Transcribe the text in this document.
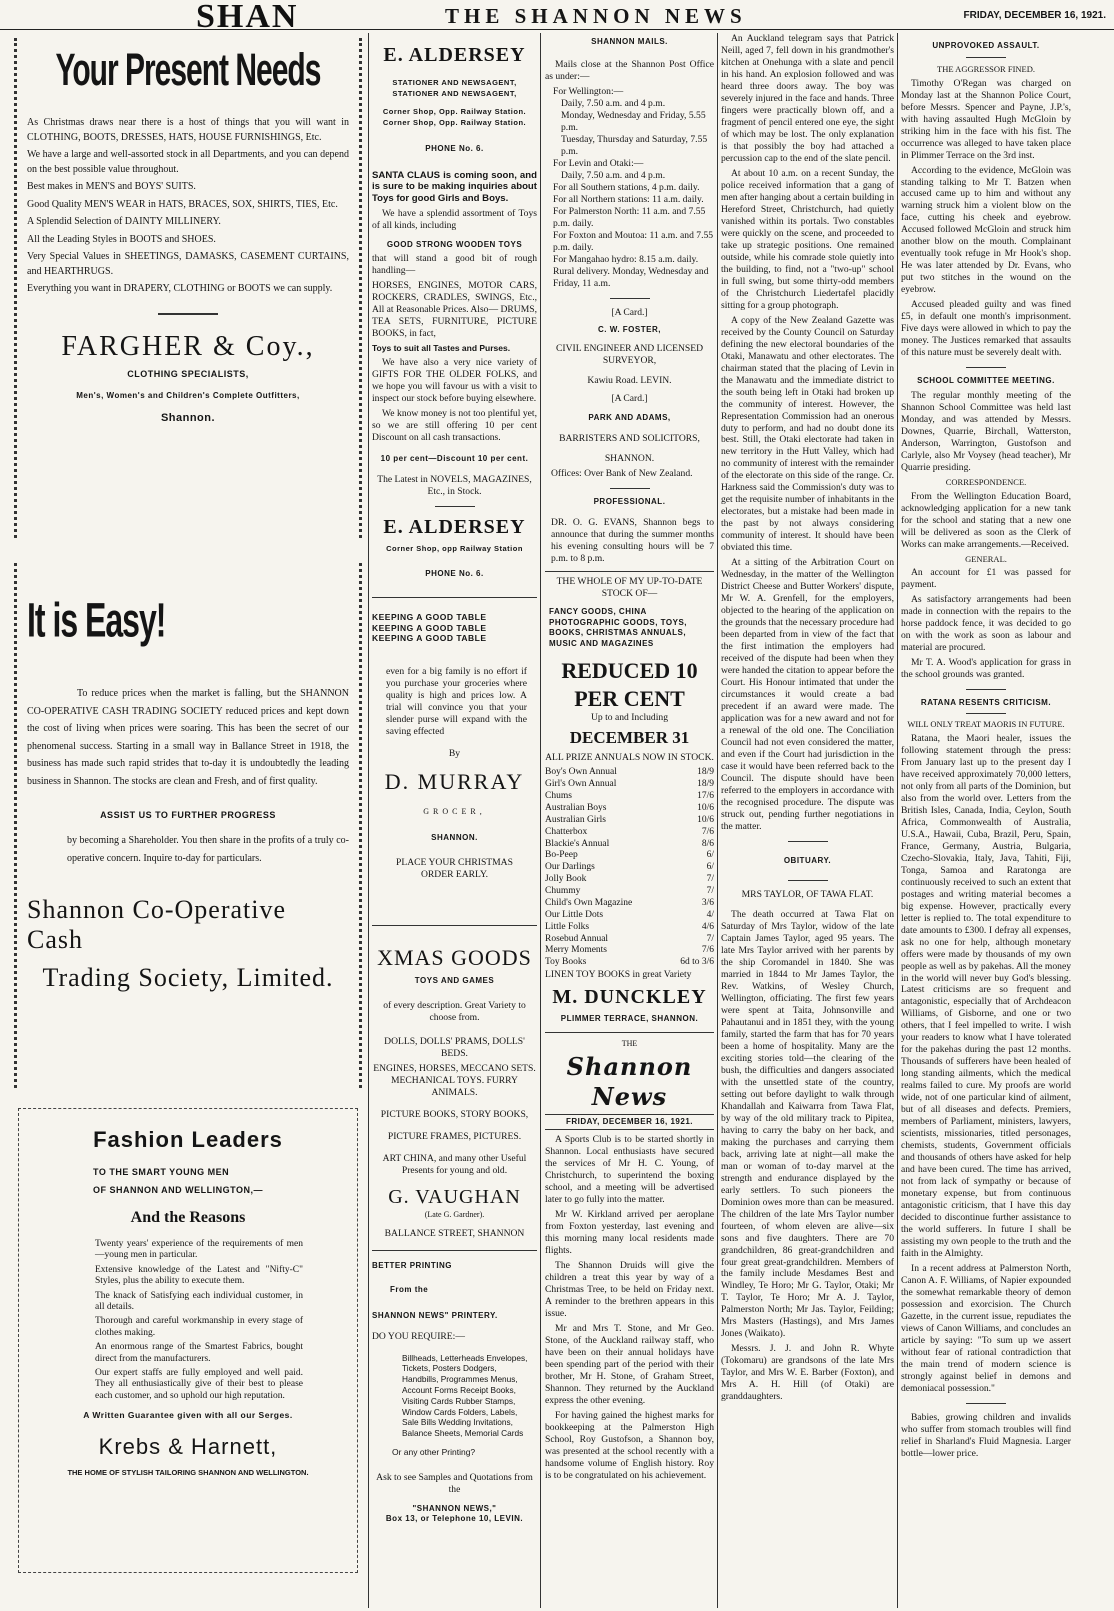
SHAN	THE SHANNON NEWS	FRIDAY, DECEMBER 16, 1921.
Your Present Needs

As Christmas draws near there is a host of things that you will want in CLOTHING, BOOTS, DRESSES, HATS, HOUSE FURNISHINGS, Etc.

We have a large and well-assorted stock in all Departments, and you can depend on the best possible value throughout.

Best makes in MEN'S and BOYS' SUITS.

Good Quality MEN'S WEAR in HATS, BRACES, SOX, SHIRTS, TIES, Etc.

A Splendid Selection of DAINTY MILLINERY.

All the Leading Styles in BOOTS and SHOES.

Very Special Values in SHEETINGS, DAMASKS, CASEMENT CURTAINS, and HEARTHRUGS.

Everything you want in DRAPERY, CLOTHING or BOOTS we can supply.

FARGHER & Coy.,
CLOTHING SPECIALISTS,
Men's, Women's and Children's Complete Outfitters,
Shannon.
It is Easy!

To reduce prices when the market is falling, but the SHANNON CO-OPERATIVE CASH TRADING SOCIETY reduced prices and kept down the cost of living when prices were soaring. This has been the secret of our phenomenal success. Starting in a small way in Ballance Street in 1918, the business has made such rapid strides that to-day it is undoubtedly the leading business in Shannon. The stocks are clean and Fresh, and of first quality.

ASSIST US TO FURTHER PROGRESS

by becoming a Shareholder. You then share in the profits of a truly co-operative concern. Inquire to-day for particulars.

Shannon Co-Operative Cash
Trading Society, Limited.
Fashion Leaders
TO THE SMART YOUNG MEN
OF SHANNON AND WELLINGTON,—
And the Reasons

Twenty years' experience of the requirements of men—young men in particular.

Extensive knowledge of the Latest and "Nifty-C" Styles, plus the ability to execute them.

The knack of Satisfying each individual customer, in all details.

Thorough and careful workmanship in every stage of clothes making.

An enormous range of the Smartest Fabrics, bought direct from the manufacturers.

Our expert staffs are fully employed and well paid. They all enthusiastically give of their best to please each customer, and so uphold our high reputation.

A Written Guarantee given with all our Serges.
Krebs & Harnett,
THE HOME OF STYLISH TAILORING SHANNON AND WELLINGTON.
E. ALDERSEY
STATIONER AND NEWSAGENT,
STATIONER AND NEWSAGENT,
Corner Shop, Opp. Railway Station.
Corner Shop, Opp. Railway Station.
PHONE No. 6.

SANTA CLAUS is coming soon, and is sure to be making inquiries about Toys for good Girls and Boys.

We have a splendid assortment of Toys of all kinds, including

GOOD STRONG WOODEN TOYS

that will stand a good bit of rough handling—

HORSES, ENGINES, MOTOR CARS, ROCKERS, CRADLES, SWINGS, Etc., All at Reasonable Prices. Also— DRUMS, TEA SETS, FURNITURE, PICTURE BOOKS, in fact,

Toys to suit all Tastes and Purses.

We have also a very nice variety of GIFTS FOR THE OLDER FOLKS, and we hope you will favour us with a visit to inspect our stock before buying elsewhere.

We know money is not too plentiful yet, so we are still offering 10 per cent Discount on all cash transactions.

10 per cent—Discount 10 per cent.

The Latest in NOVELS, MAGAZINES, Etc., in Stock.

E. ALDERSEY
Corner Shop, opp Railway Station
PHONE No. 6.
KEEPING A GOOD TABLE
KEEPING A GOOD TABLE
KEEPING A GOOD TABLE

even for a big family is no effort if you purchase your groceries where quality is high and prices low. A trial will convince you that your slender purse will expand with the saving effected

By

D. MURRAY
GROCER,
SHANNON.

PLACE YOUR CHRISTMAS ORDER EARLY.

XMAS GOODS
TOYS AND GAMES

of every description. Great Variety to choose from.

DOLLS, DOLLS' PRAMS, DOLLS' BEDS.

ENGINES, HORSES, MECCANO SETS. MECHANICAL TOYS. FURRY ANIMALS.

PICTURE BOOKS, STORY BOOKS,

PICTURE FRAMES, PICTURES.

ART CHINA, and many other Useful Presents for young and old.

G. VAUGHAN

(Late G. Gardner).

BALLANCE STREET, SHANNON

BETTER PRINTING
From the
SHANNON NEWS" PRINTERY.

DO YOU REQUIRE:—

Billheads, Letterheads Envelopes, Tickets, Posters Dodgers, Handbills, Programmes Menus, Account Forms Receipt Books, Visiting Cards Rubber Stamps, Window Cards Folders, Labels, Sale Bills Wedding Invitations, Balance Sheets, Memorial Cards

Or any other Printing?

Ask to see Samples and Quotations from the

"SHANNON NEWS,"
Box 13, or Telephone 10, LEVIN.
SHANNON MAILS.

Mails close at the Shannon Post Office as under:—

For Wellington:—

Daily, 7.50 a.m. and 4 p.m.

Monday, Wednesday and Friday, 5.55 p.m.

Tuesday, Thursday and Saturday, 7.55 p.m.

For Levin and Otaki:—

Daily, 7.50 a.m. and 4 p.m.

For all Southern stations, 4 p.m. daily.

For all Northern stations: 11 a.m. daily.

For Palmerston North: 11 a.m. and 7.55 p.m. daily.

For Foxton and Moutoa: 11 a.m. and 7.55 p.m. daily.

For Mangahao hydro: 8.15 a.m. daily.

Rural delivery. Monday, Wednesday and Friday, 11 a.m.

[A Card.]

C. W. FOSTER,

CIVIL ENGINEER AND LICENSED SURVEYOR,

Kawiu Road. LEVIN.

[A Card.]

PARK AND ADAMS,

BARRISTERS AND SOLICITORS,

SHANNON.

Offices: Over Bank of New Zealand.

PROFESSIONAL.

DR. O. G. EVANS, Shannon begs to announce that during the summer months his evening consulting hours will be 7 p.m. to 8 p.m.

THE WHOLE OF MY UP-TO-DATE STOCK OF—

FANCY GOODS, CHINA PHOTOGRAPHIC GOODS, TOYS, BOOKS, CHRISTMAS ANNUALS, MUSIC AND MAGAZINES
REDUCED 10 PER CENT

Up to and Including

DECEMBER 31

ALL PRIZE ANNUALS NOW IN STOCK.

Boy's Own Annual	18/9
Girl's Own Annual	18/9
Chums	17/6
Australian Boys	10/6
Australian Girls	10/6
Chatterbox	7/6
Blackie's Annual	8/6
Bo-Peep	6/
Our Darlings	6/
Jolly Book	7/
Chummy	7/
Child's Own Magazine	3/6
Our Little Dots	4/
Little Folks	4/6
Rosebud Annual	7/
Merry Moments	7/6
Toy Books	6d to 3/6

LINEN TOY BOOKS in great Variety

M. DUNCKLEY
PLIMMER TERRACE, SHANNON.

THE

Shannon News
FRIDAY, DECEMBER 16, 1921.

A Sports Club is to be started shortly in Shannon. Local enthusiasts have secured the services of Mr H. C. Young, of Christchurch, to superintend the boxing school, and a meeting will be advertised later to go fully into the matter.

Mr W. Kirkland arrived per aeroplane from Foxton yesterday, last evening and this morning many local residents made flights.

The Shannon Druids will give the children a treat this year by way of a Christmas Tree, to be held on Friday next. A reminder to the brethren appears in this issue.

Mr and Mrs T. Stone, and Mr Geo. Stone, of the Auckland railway staff, who have been on their annual holidays have been spending part of the period with their brother, Mr H. Stone, of Graham Street, Shannon. They returned by the Auckland express the other evening.

For having gained the highest marks for bookkeeping at the Palmerston High School, Roy Gustofson, a Shannon boy, was presented at the school recently with a handsome volume of English history. Roy is to be congratulated on his achievement.

An Auckland telegram says that Patrick Neill, aged 7, fell down in his grandmother's kitchen at Onehunga with a slate and pencil in his hand. An explosion followed and was heard three doors away. The boy was severely injured in the face and hands. Three fingers were practically blown off, and a fragment of pencil entered one eye, the sight of which may be lost. The only explanation is that possibly the boy had attached a percussion cap to the end of the slate pencil.

At about 10 a.m. on a recent Sunday, the police received information that a gang of men after hanging about a certain building in Hereford Street, Christchurch, had quietly vanished within its portals. Two constables were quickly on the scene, and proceeded to take up strategic positions. One remained outside, while his comrade stole quietly into the building, to find, not a "two-up" school in full swing, but some thirty-odd members of the Christchurch Liedertafel placidly sitting for a group photograph.

A copy of the New Zealand Gazette was received by the County Council on Saturday defining the new electoral boundaries of the Otaki, Manawatu and other electorates. The chairman stated that the placing of Levin in the Manawatu and the immediate district to the south being left in Otaki had broken up the community of interest. However, the Representation Commission had an onerous duty to perform, and had no doubt done its best. Still, the Otaki electorate had taken in new territory in the Hutt Valley, which had no community of interest with the remainder of the electorate on this side of the range. Cr. Harkness said the Commission's duty was to get the requisite number of inhabitants in the electorates, but a mistake had been made in the past by not always considering community of interest. It should have been obviated this time.

At a sitting of the Arbitration Court on Wednesday, in the matter of the Wellington District Cheese and Butter Workers' dispute, Mr W. A. Grenfell, for the employers, objected to the hearing of the application on the grounds that the necessary procedure had been departed from in view of the fact that the first intimation the employers had received of the dispute had been when they were handed the citation to appear before the Court. His Honour intimated that under the circumstances it would create a bad precedent if an award were made. The application was for a new award and not for a renewal of the old one. The Conciliation Council had not even considered the matter, and even if the Court had jurisdiction in the case it would have been referred back to the Council. The dispute should have been referred to the employers in accordance with the recognised procedure. The dispute was struck out, pending further negotiations in the matter.

OBITUARY.

MRS TAYLOR, OF TAWA FLAT.

The death occurred at Tawa Flat on Saturday of Mrs Taylor, widow of the late Captain James Taylor, aged 95 years. The late Mrs Taylor arrived with her parents by the ship Coromandel in 1840. She was married in 1844 to Mr James Taylor, the Rev. Watkins, of Wesley Church, Wellington, officiating. The first few years were spent at Taita, Johnsonville and Pahautanui and in 1851 they, with the young family, started the farm that has for 70 years been a home of hospitality. Many are the exciting stories told—the clearing of the bush, the difficulties and dangers associated with the unsettled state of the country, setting out before daylight to walk through Khandallah and Kaiwarra from Tawa Flat, by way of the old military track to Pipitea, having to carry the baby on her back, and making the purchases and carrying them back, arriving late at night—all make the man or woman of to-day marvel at the strength and endurance displayed by the early settlers. To such pioneers the Dominion owes more than can be measured. The children of the late Mrs Taylor number fourteen, of whom eleven are alive—six sons and five daughters. There are 70 grandchildren, 86 great-grandchildren and four great great-grandchildren. Members of the family include Mesdames Best and Windley, Te Horo; Mr G. Taylor, Otaki; Mr T. Taylor, Te Horo; Mr A. J. Taylor, Palmerston North; Mr Jas. Taylor, Feilding; Mrs Masters (Hastings), and Mrs James Jones (Waikato).

Messrs. J. J. and John R. Whyte (Tokomaru) are grandsons of the late Mrs Taylor, and Mrs W. E. Barber (Foxton), and Mrs A. H. Hill (of Otaki) are granddaughters.

UNPROVOKED ASSAULT.

THE AGGRESSOR FINED.

Timothy O'Regan was charged on Monday last at the Shannon Police Court, before Messrs. Spencer and Payne, J.P.'s, with having assaulted Hugh McGloin by striking him in the face with his fist. The occurrence was alleged to have taken place in Plimmer Terrace on the 3rd inst.

According to the evidence, McGloin was standing talking to Mr T. Batzen when accused came up to him and without any warning struck him a violent blow on the face, cutting his cheek and eyebrow. Accused followed McGloin and struck him another blow on the mouth. Complainant eventually took refuge in Mr Hook's shop. He was later attended by Dr. Evans, who put two stitches in the wound on the eyebrow.

Accused pleaded guilty and was fined £5, in default one month's imprisonment. Five days were allowed in which to pay the money. The Justices remarked that assaults of this nature must be severely dealt with.

SCHOOL COMMITTEE MEETING.

The regular monthly meeting of the Shannon School Committee was held last Monday, and was attended by Messrs. Downes, Quarrie, Birchall, Watterston, Anderson, Warrington, Gustofson and Carlyle, also Mr Voysey (head teacher), Mr Quarrie presiding.

CORRESPONDENCE.

From the Wellington Education Board, acknowledging application for a new tank for the school and stating that a new one will be delivered as soon as the Clerk of Works can make arrangements.—Received.

GENERAL.

An account for £1 was passed for payment.

As satisfactory arrangements had been made in connection with the repairs to the horse paddock fence, it was decided to go on with the work as soon as labour and material are procured.

Mr T. A. Wood's application for grass in the school grounds was granted.

RATANA RESENTS CRITICISM.

WILL ONLY TREAT MAORIS IN FUTURE.

Ratana, the Maori healer, issues the following statement through the press: From January last up to the present day I have received approximately 70,000 letters, not only from all parts of the Dominion, but also from the world over. Letters from the British Isles, Canada, India, Ceylon, South Africa, Commonwealth of Australia, U.S.A., Hawaii, Cuba, Brazil, Peru, Spain, France, Germany, Austria, Bulgaria, Czecho-Slovakia, Italy, Java, Tahiti, Fiji, Tonga, Samoa and Raratonga are continuously received to such an extent that postages and writing material becomes a big expense. However, practically every letter is replied to. The total expenditure to date amounts to £300. I defray all expenses, ask no one for help, although monetary offers were made by thousands of my own people as well as by pakehas. All the money in the world will never buy God's blessing. Latest criticisms are so frequent and antagonistic, especially that of Archdeacon Williams, of Gisborne, and one or two others, that I feel impelled to write. I wish your readers to know what I have tolerated for the pakehas during the past 12 months. Thousands of sufferers have been healed of long standing ailments, which the medical realms failed to cure. My proofs are world wide, not of one particular kind of ailment, but of all diseases and defects. Premiers, members of Parliament, ministers, lawyers, scientists, missionaries, titled personages, chemists, students, Government officials and thousands of others have asked for help and have been cured. The time has arrived, not from lack of sympathy or because of monetary expense, but from continuous antagonistic criticism, that I have this day decided to discontinue further assistance to the world sufferers. In future I shall be assisting my own people to the truth and the faith in the Almighty.

In a recent address at Palmerston North, Canon A. F. Williams, of Napier expounded the somewhat remarkable theory of demon possession and exorcision. The Church Gazette, in the current issue, repudiates the views of Canon Williams, and concludes an article by saying: "To sum up we assert without fear of rational contradiction that the main trend of modern science is strongly against belief in demons and demoniacal possession."

Babies, growing children and invalids who suffer from stomach troubles will find relief in Sharland's Fluid Magnesia. Larger bottle—lower price.
